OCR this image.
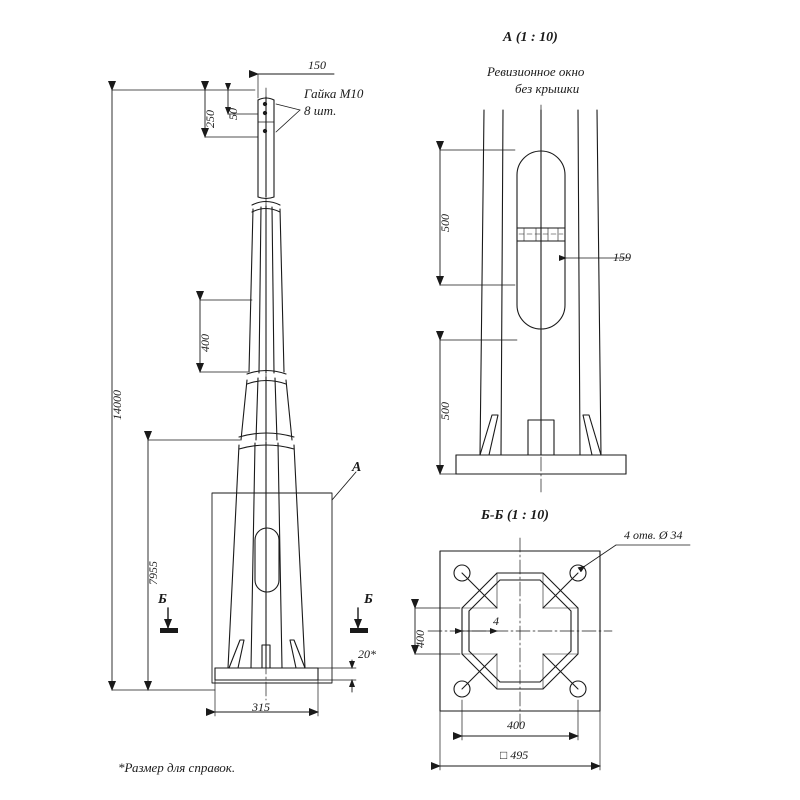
14000
7955
400
250 50
150
315
20*
Гайка М10
8 шт.
А
Б	Б
А (1 : 10)
Ревизионное окно
без крышки
500
500
159
Б-Б (1 : 10)
400
400
4
□ 495
4 отв. Ø 34
*Размер для справок.
